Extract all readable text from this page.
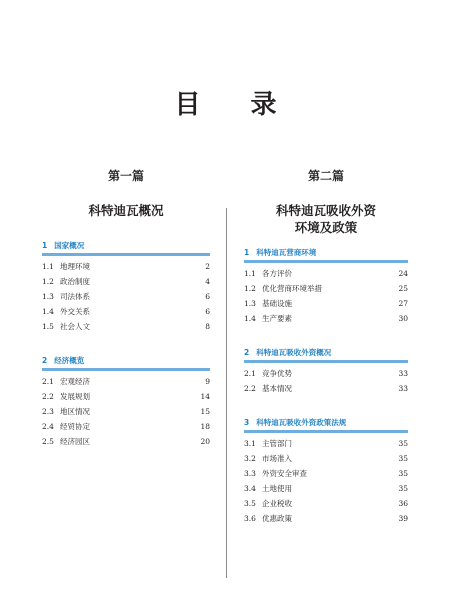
目录
第一篇
科特迪瓦概况
1 国家概况
1.1 地理环境	2
1.2 政治制度	4
1.3 司法体系	6
1.4 外交关系	6
1.5 社会人文	8
2 经济概览
2.1 宏观经济	9
2.2 发展规划	14
2.3 地区情况	15
2.4 经贸协定	18
2.5 经济园区	20
第二篇
科特迪瓦吸收外资
环境及政策
1 科特迪瓦营商环境
1.1 各方评价	24
1.2 优化营商环境举措	25
1.3 基础设施	27
1.4 生产要素	30
2 科特迪瓦吸收外资概况
2.1 竞争优势	33
2.2 基本情况	33
3 科特迪瓦吸收外资政策法规
3.1 主管部门	35
3.2 市场准入	35
3.3 外资安全审查	35
3.4 土地使用	35
3.5 企业税收	36
3.6 优惠政策	39
